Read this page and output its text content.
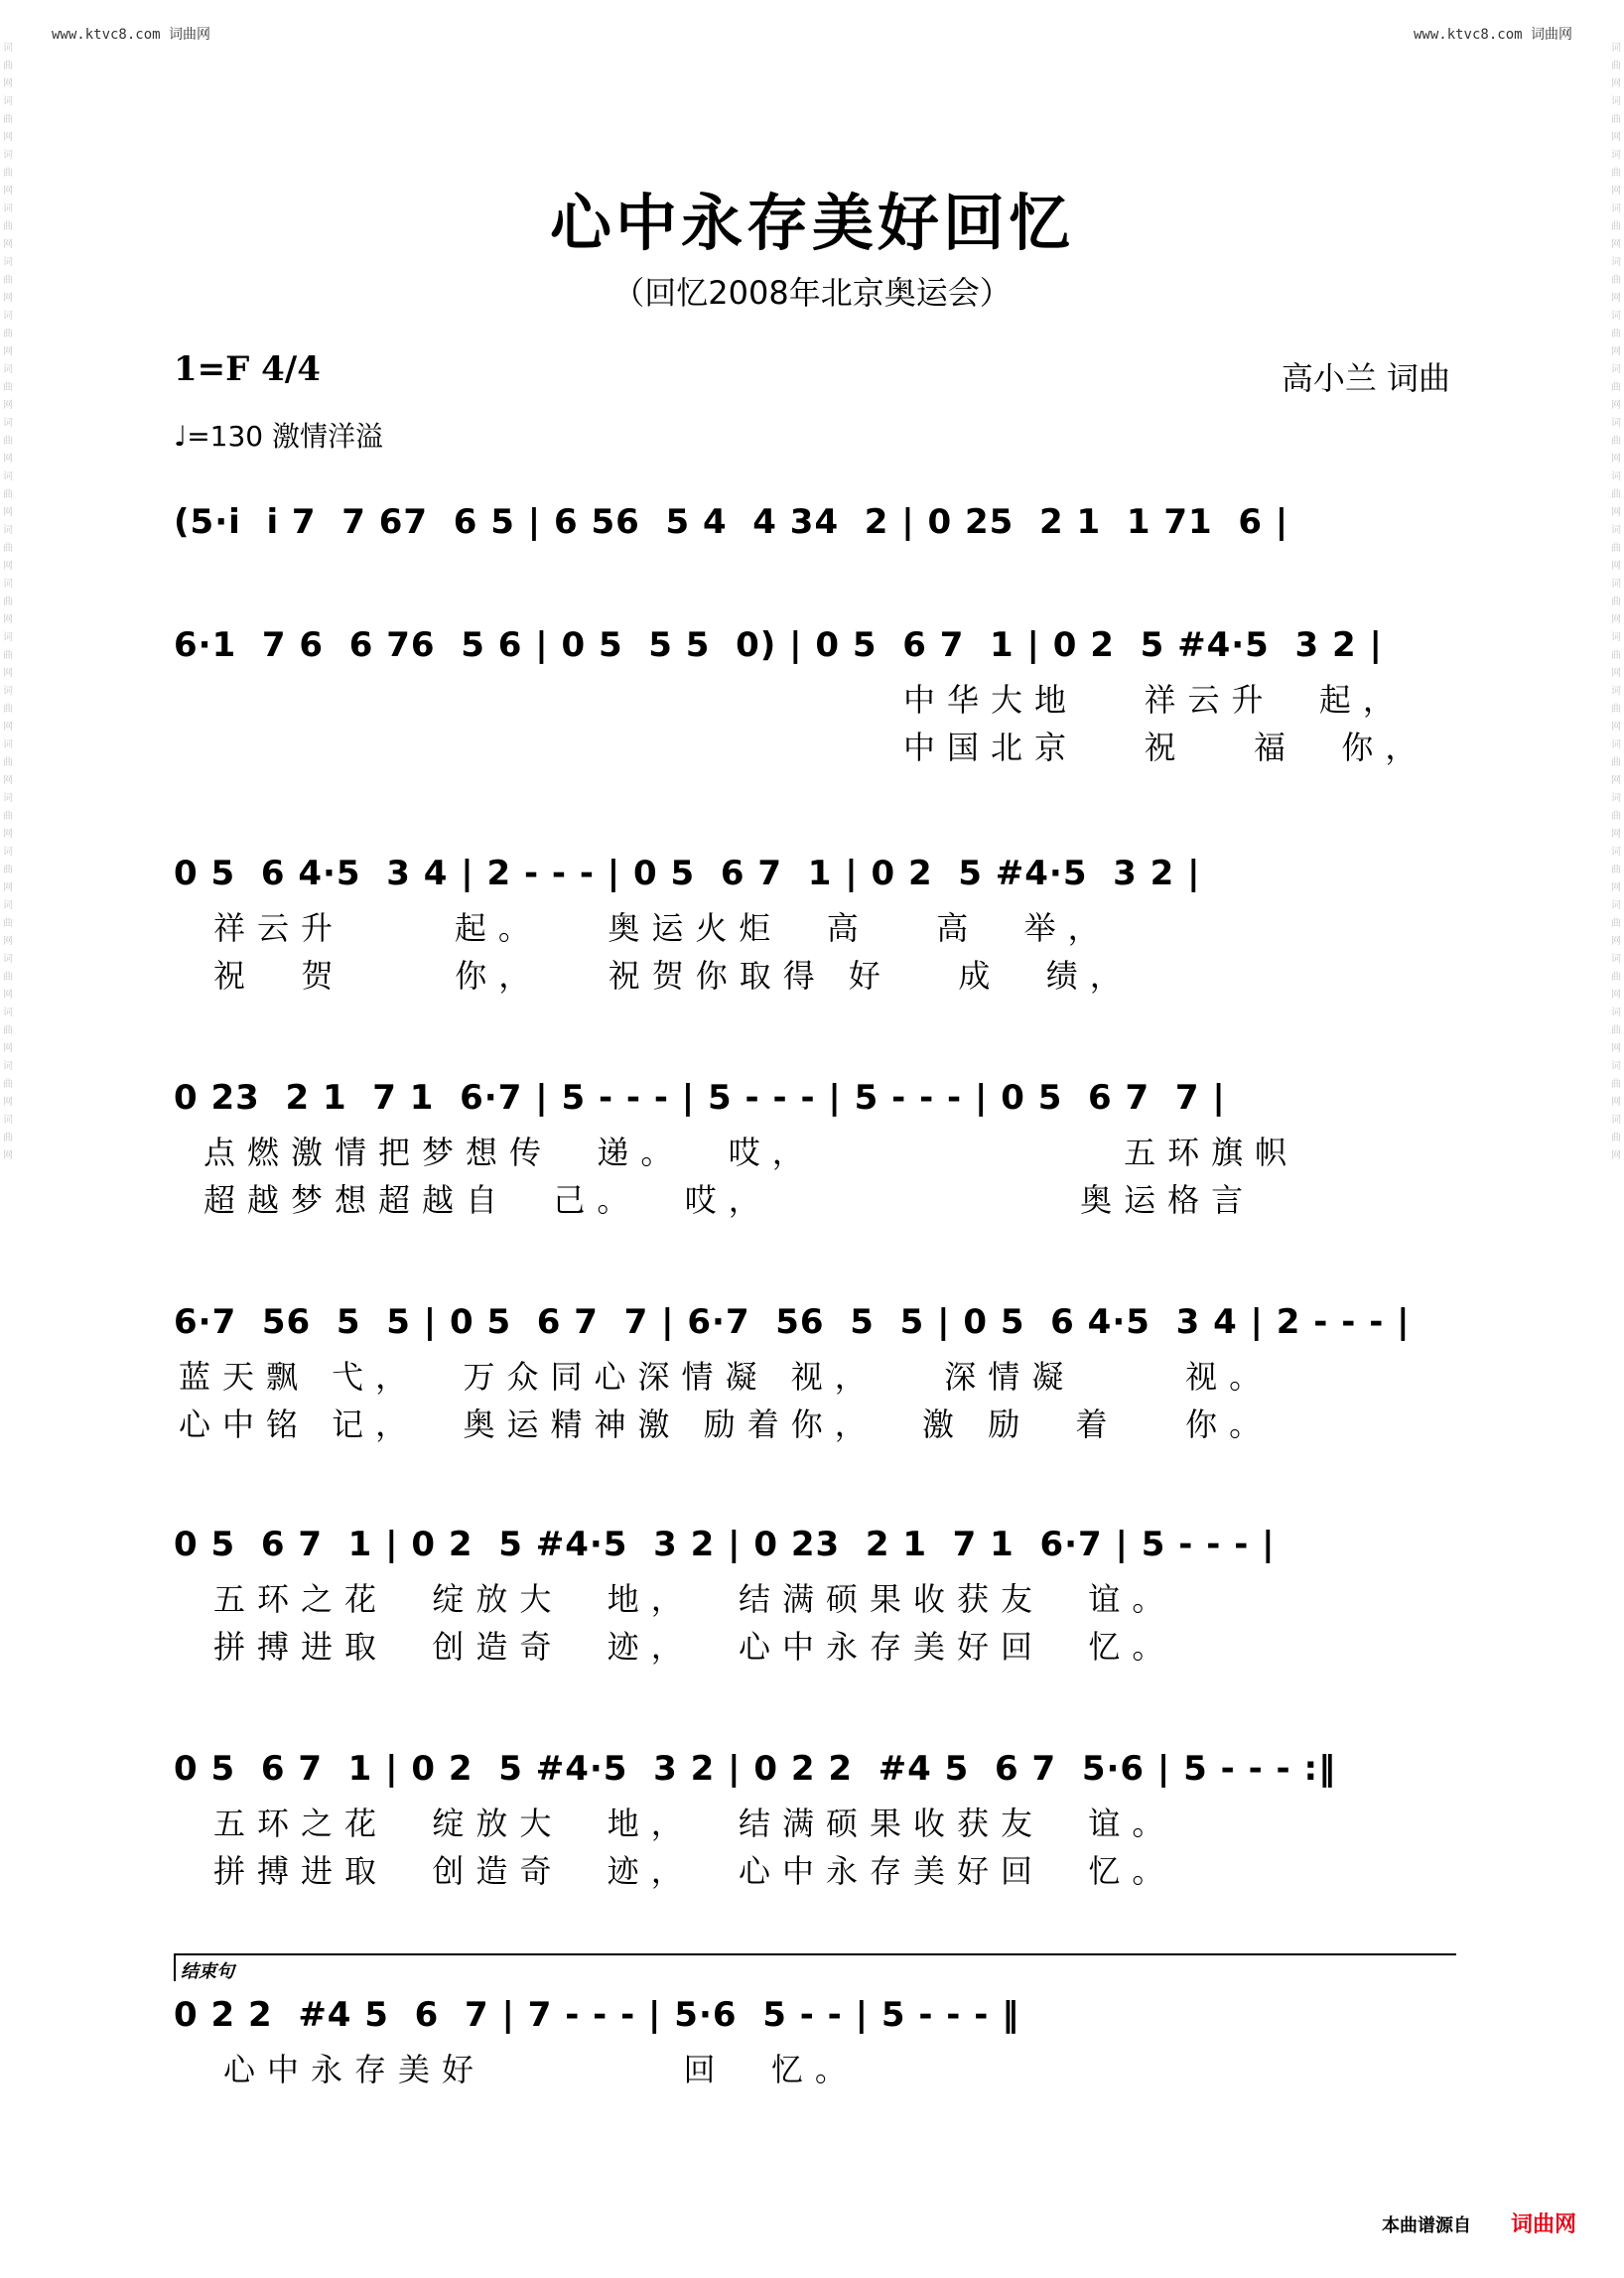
www.ktvc8.com 词曲网	www.ktvc8.com 词曲网
词曲网词曲网词曲网词曲网词曲网词曲网词曲网词曲网词曲网词曲网词曲网词曲网词曲网词曲网词曲网词曲网词曲网词曲网词曲网词曲网词曲网
词曲网词曲网词曲网词曲网词曲网词曲网词曲网词曲网词曲网词曲网词曲网词曲网词曲网词曲网词曲网词曲网词曲网词曲网词曲网词曲网词曲网
心中永存美好回忆
（回忆2008年北京奥运会）
1=F 4/4
♩=130 激情洋溢
高小兰 词曲
(5·i  i 7  7 67  6 5 | 6 56  5 4  4 34  2 | 0 25  2 1  1 71  6 |
6·1  7 6  6 76  5 6 | 0 5  5 5  0) | 0 5  6 7  1 | 0 2  5 #4·5  3 2 |
中华大地   祥云升  起，
中国北京   祝   福  你，
0 5  6 4·5  3 4 | 2 - - - | 0 5  6 7  1 | 0 2  5 #4·5  3 2 |
祥云升     起。   奥运火炬  高   高  举，
祝  贺     你，   祝贺你取得 好   成  绩，
0 23  2 1  7 1  6·7 | 5 - - - | 5 - - - | 5 - - - | 0 5  6 7  7 |
点燃激情把梦想传  递。  哎，              五环旗帜
超越梦想超越自  己。  哎，              奥运格言
6·7  56  5  5 | 0 5  6 7  7 | 6·7  56  5  5 | 0 5  6 4·5  3 4 | 2 - - - |
蓝天飘 弋，  万众同心深情凝 视，   深情凝     视。
心中铭 记，  奥运精神激 励着你，  激 励  着   你。
0 5  6 7  1 | 0 2  5 #4·5  3 2 | 0 23  2 1  7 1  6·7 | 5 - - - |
五环之花  绽放大  地，  结满硕果收获友  谊。
拼搏进取  创造奇  迹，  心中永存美好回  忆。
0 5  6 7  1 | 0 2  5 #4·5  3 2 | 0 2 2  #4 5  6 7  5·6 | 5 - - - :‖
五环之花  绽放大  地，  结满硕果收获友  谊。
拼搏进取  创造奇  迹，  心中永存美好回  忆。
结束句
0 2 2  #4 5  6  7 | 7 - - - | 5·6  5 - - | 5 - - - ‖
心中永存美好         回  忆。
本曲谱源自 词曲网
